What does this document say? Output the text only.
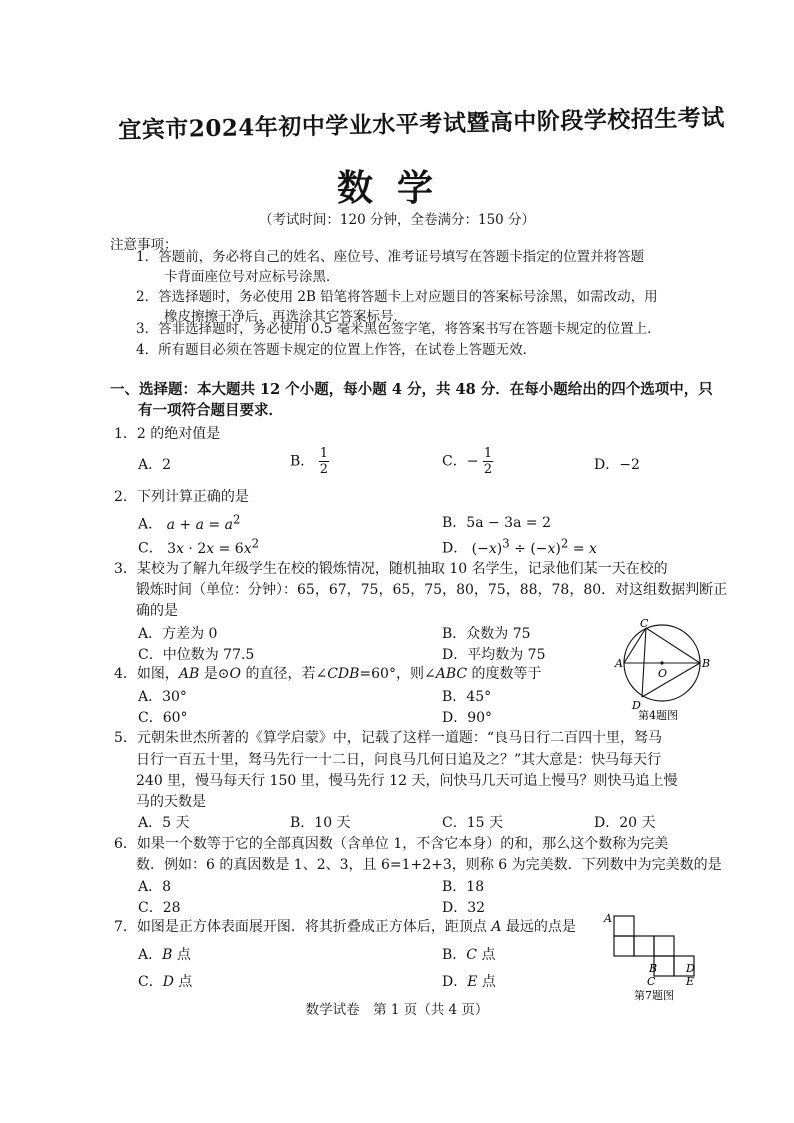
宜宾市2024年初中学业水平考试暨高中阶段学校招生考试
数学
（考试时间：120 分钟，全卷满分：150 分）
注意事项：
1．答题前，务必将自己的姓名、座位号、准考证号填写在答题卡指定的位置并将答题
卡背面座位号对应标号涂黑．
2．答选择题时，务必使用 2B 铅笔将答题卡上对应题目的答案标号涂黑，如需改动，用
橡皮擦擦干净后，再选涂其它答案标号．
3．答非选择题时，务必使用 0.5 毫米黑色签字笔，将答案书写在答题卡规定的位置上．
4．所有题目必须在答题卡规定的位置上作答，在试卷上答题无效．
一、选择题：本大题共 12 个小题，每小题 4 分，共 48 分．在每小题给出的四个选项中，只
有一项符合题目要求．
1．2 的绝对值是
A．2	B． $\frac{1}{2}$	C．− $\frac{1}{2}$	D．−2
2．下列计算正确的是
A． $a + a = a^2$	B．5a − 3a = 2
C． $3x \cdot 2x = 6x^2$	D． $(-x)^3 \div (-x)^2 = x$
3．某校为了解九年级学生在校的锻炼情况，随机抽取 10 名学生，记录他们某一天在校的
锻炼时间（单位：分钟）：65，67，75，65，75，80，75，88，78，80．对这组数据判断正
确的是
A．方差为 0	B．众数为 75
C．中位数为 77.5	D．平均数为 75
4．如图，AB 是⊙O 的直径，若∠CDB=60°，则∠ABC 的度数等于
A．30°	B．45°
C．60°	D．90°
C
A	B
O
D
第4题图
5．元朝朱世杰所著的《算学启蒙》中，记载了这样一道题：“良马日行二百四十里，驽马
日行一百五十里，驽马先行一十二日，问良马几何日追及之？”其大意是：快马每天行
240 里，慢马每天行 150 里，慢马先行 12 天，问快马几天可追上慢马？则快马追上慢
马的天数是
A．5 天	B．10 天	C．15 天	D．20 天
6．如果一个数等于它的全部真因数（含单位 1，不含它本身）的和，那么这个数称为完美
数．例如：6 的真因数是 1、2、3，且 6=1+2+3，则称 6 为完美数．下列数中为完美数的是
A．8	B．18
C．28	D．32
7．如图是正方体表面展开图．将其折叠成正方体后，距顶点 A 最远的点是
A．B 点	B．C 点
C．D 点	D．E 点
A
B
C
D
E
第7题图
数学试卷　第 1 页（共 4 页）
